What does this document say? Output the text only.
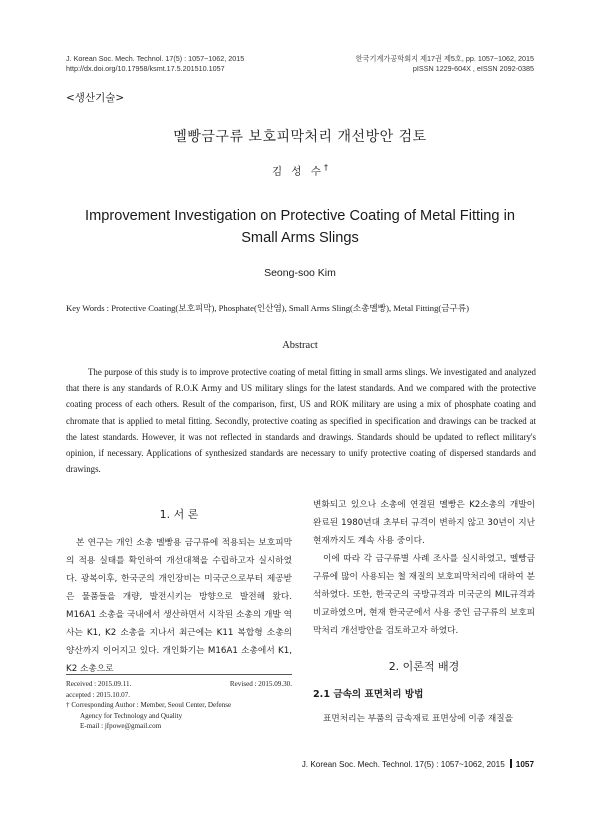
J. Korean Soc. Mech. Technol. 17(5) : 1057~1062, 2015
http://dx.doi.org/10.17958/ksmt.17.5.201510.1057
한국기계가공학회지 제17권 제5호, pp. 1057~1062, 2015
pISSN 1229-604X , eISSN 2092-0385
<생산기술>
멜빵금구류 보호피막처리 개선방안 검토
김 성 수†
Improvement Investigation on Protective Coating of Metal Fitting in Small Arms Slings
Seong-soo Kim
Key Words : Protective Coating(보호피막), Phosphate(인산염), Small Arms Sling(소총멜빵), Metal Fitting(금구류)
Abstract

The purpose of this study is to improve protective coating of metal fitting in small arms slings. We investigated and analyzed that there is any standards of R.O.K Army and US military slings for the latest standards. And we compared with the protective coating process of each others. Result of the comparison, first, US and ROK military are using a mix of phosphate coating and chromate that is applied to metal fitting. Secondly, protective coating as specified in specification and drawings can be tracked at the latest standards. However, it was not reflected in standards and drawings. Standards should be updated to reflect military's opinion, if necessary. Applications of synthesized standards are necessary to unify protective coating of dispersed standards and drawings.

1. 서 론

본 연구는 개인 소총 멜빵용 금구류에 적용되는 보호피막의 적용 실태를 확인하여 개선대책을 수립하고자 실시하였다. 광복이후, 한국군의 개인장비는 미국군으로부터 제공받은 물품들을 개량, 발전시키는 방향으로 발전해 왔다. M16A1 소총을 국내에서 생산하면서 시작된 소총의 개발 역사는 K1, K2 소총을 지나서 최근에는 K11 복합형 소총의 양산까지 이어지고 있다. 개인화기는 M16A1 소총에서 K1, K2 소총으로

변화되고 있으나 소총에 연결된 멜빵은 K2소총의 개발이 완료된 1980년대 초부터 규격이 변하지 않고 30년이 지난 현재까지도 계속 사용 중이다.

이에 따라 각 금구류별 사례 조사를 실시하였고, 멜빵금구류에 많이 사용되는 철 재질의 보호피막처리에 대하여 분석하였다. 또한, 한국군의 국방규격과 미국군의 MIL규격과 비교하였으며, 현재 한국군에서 사용 중인 금구류의 보호피막처리 개선방안을 검토하고자 하였다.

2. 이론적 배경
2.1 금속의 표면처리 방법

표면처리는 부품의 금속재료 표면상에 이종 재질을

Received : 2015.09.11.	Revised : 2015.09.30.
accepted : 2015.10.07.
† Corresponding Author : Member, Seoul Center, Defense
Agency for Technology and Quality
E-mail : jfpowe@gmail.com
J. Korean Soc. Mech. Technol. 17(5) : 1057~1062, 2015 1057
